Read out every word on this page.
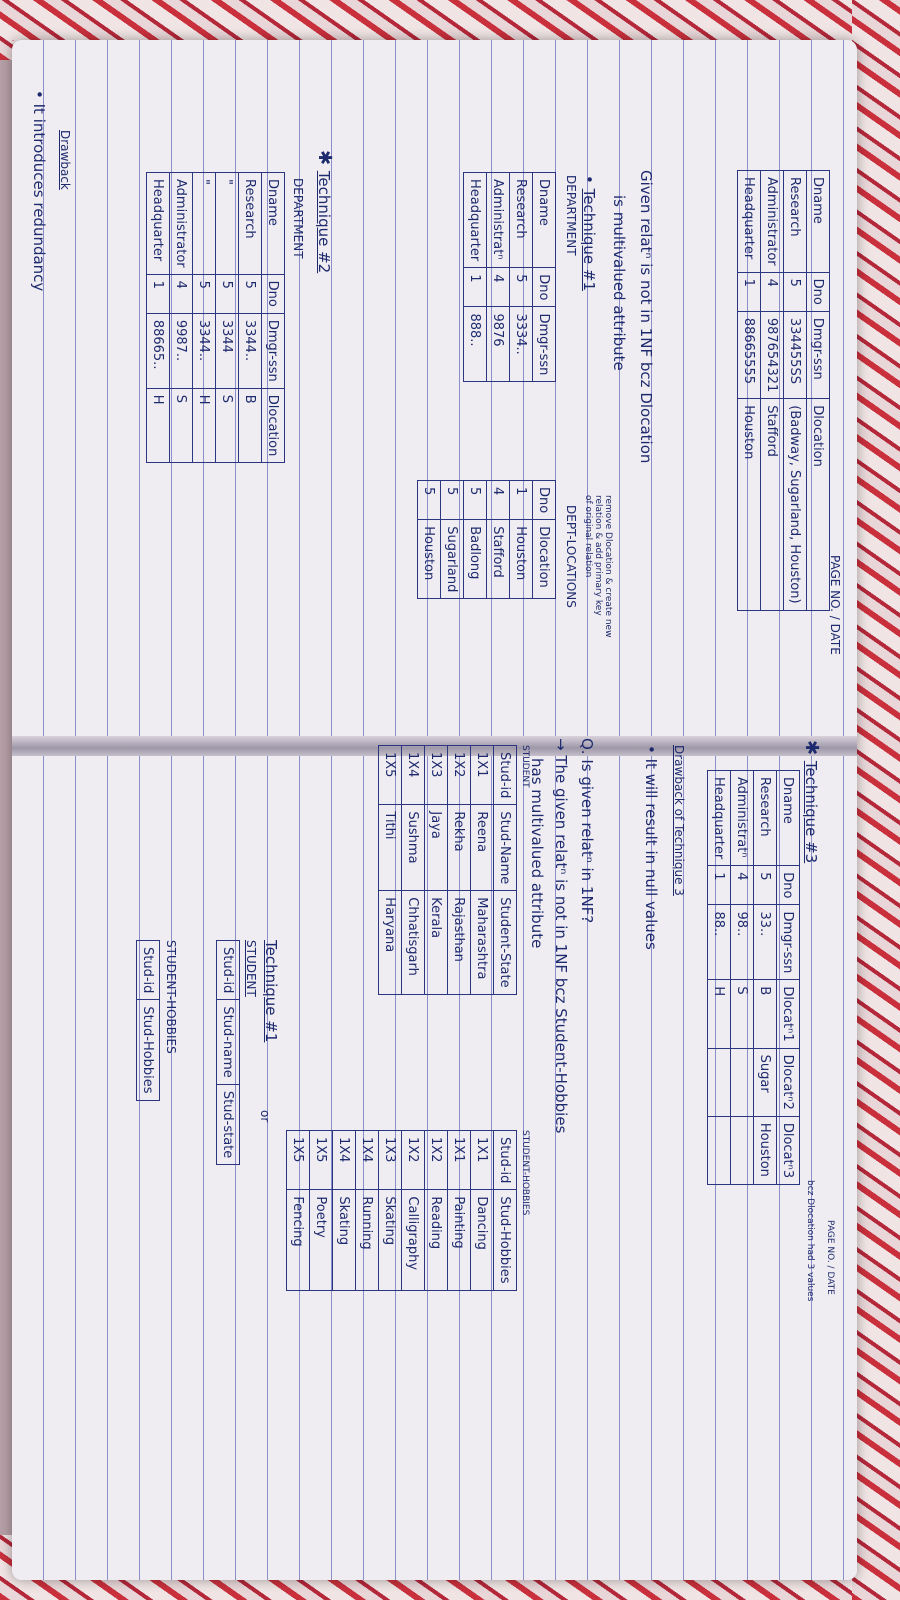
PAGE NO. / DATE
Dname	Dno	Dmgr-ssn	Dlocation
Research	5	334455SS	(Badway, Sugarland, Houston)
Administrator	4	987654321	Stafford
Headquarter	1	88665555	Houston
Given relatⁿ is not in 1NF bcz Dlocation
is multivalued attribute
• Technique #1
remove Dlocation & create new
relation & add primary key
of original relation
DEPARTMENT
Dname	Dno	Dmgr-ssn
Research	5	3334..
Administratⁿ	4	9876
Headquarter	1	888..
DEPT-LOCATIONS
Dno	Dlocation
1	Houston
4	Stafford
5	Badlong
5	Sugarland
5	Houston
✱ Technique #2
DEPARTMENT
Dname	Dno	Dmgr-ssn	Dlocation
Research	5	3344..	B
"	5	3344	S
"	5	3344..	H
Administrator	4	9987..	S
Headquarter	1	88665..	H
Drawback
• It introduces redundancy
PAGE NO. / DATE
✱ Technique #3
bcz Dlocation had 3 values
Dname	Dno	Dmgr-ssn	Dlocatⁿ1	Dlocatⁿ2	Dlocatⁿ3
Research	5	33..	B	Sugar	Houston
Administratⁿ	4	98..	S		
Headquarter	1	88..	H		
Drawback of Technique 3
• It will result in null values
Q. Is given relatⁿ in 1NF?
→ The given relatⁿ is not in 1NF bcz Student-Hobbies
has multivalued attribute
STUDENT
Stud-id	Stud-Name	Student-State
1X1	Reena	Maharashtra
1X2	Rekha	Rajasthan
1X3	Jaya	Kerala
1X4	Sushma	Chhatisgarh
1X5	Tithi	Haryana
STUDENT-HOBBIES
Stud-id	Stud-Hobbies
1X1	Dancing
1X1	Painting
1X2	Reading
1X2	Calligraphy
1X3	Skating
1X4	Running
1X4	Skating
1X5	Poetry
1X5	Fencing
Technique #1
or
STUDENT
Stud-id	Stud-name	Stud-state
STUDENT-HOBBIES
Stud-id	Stud-Hobbies
